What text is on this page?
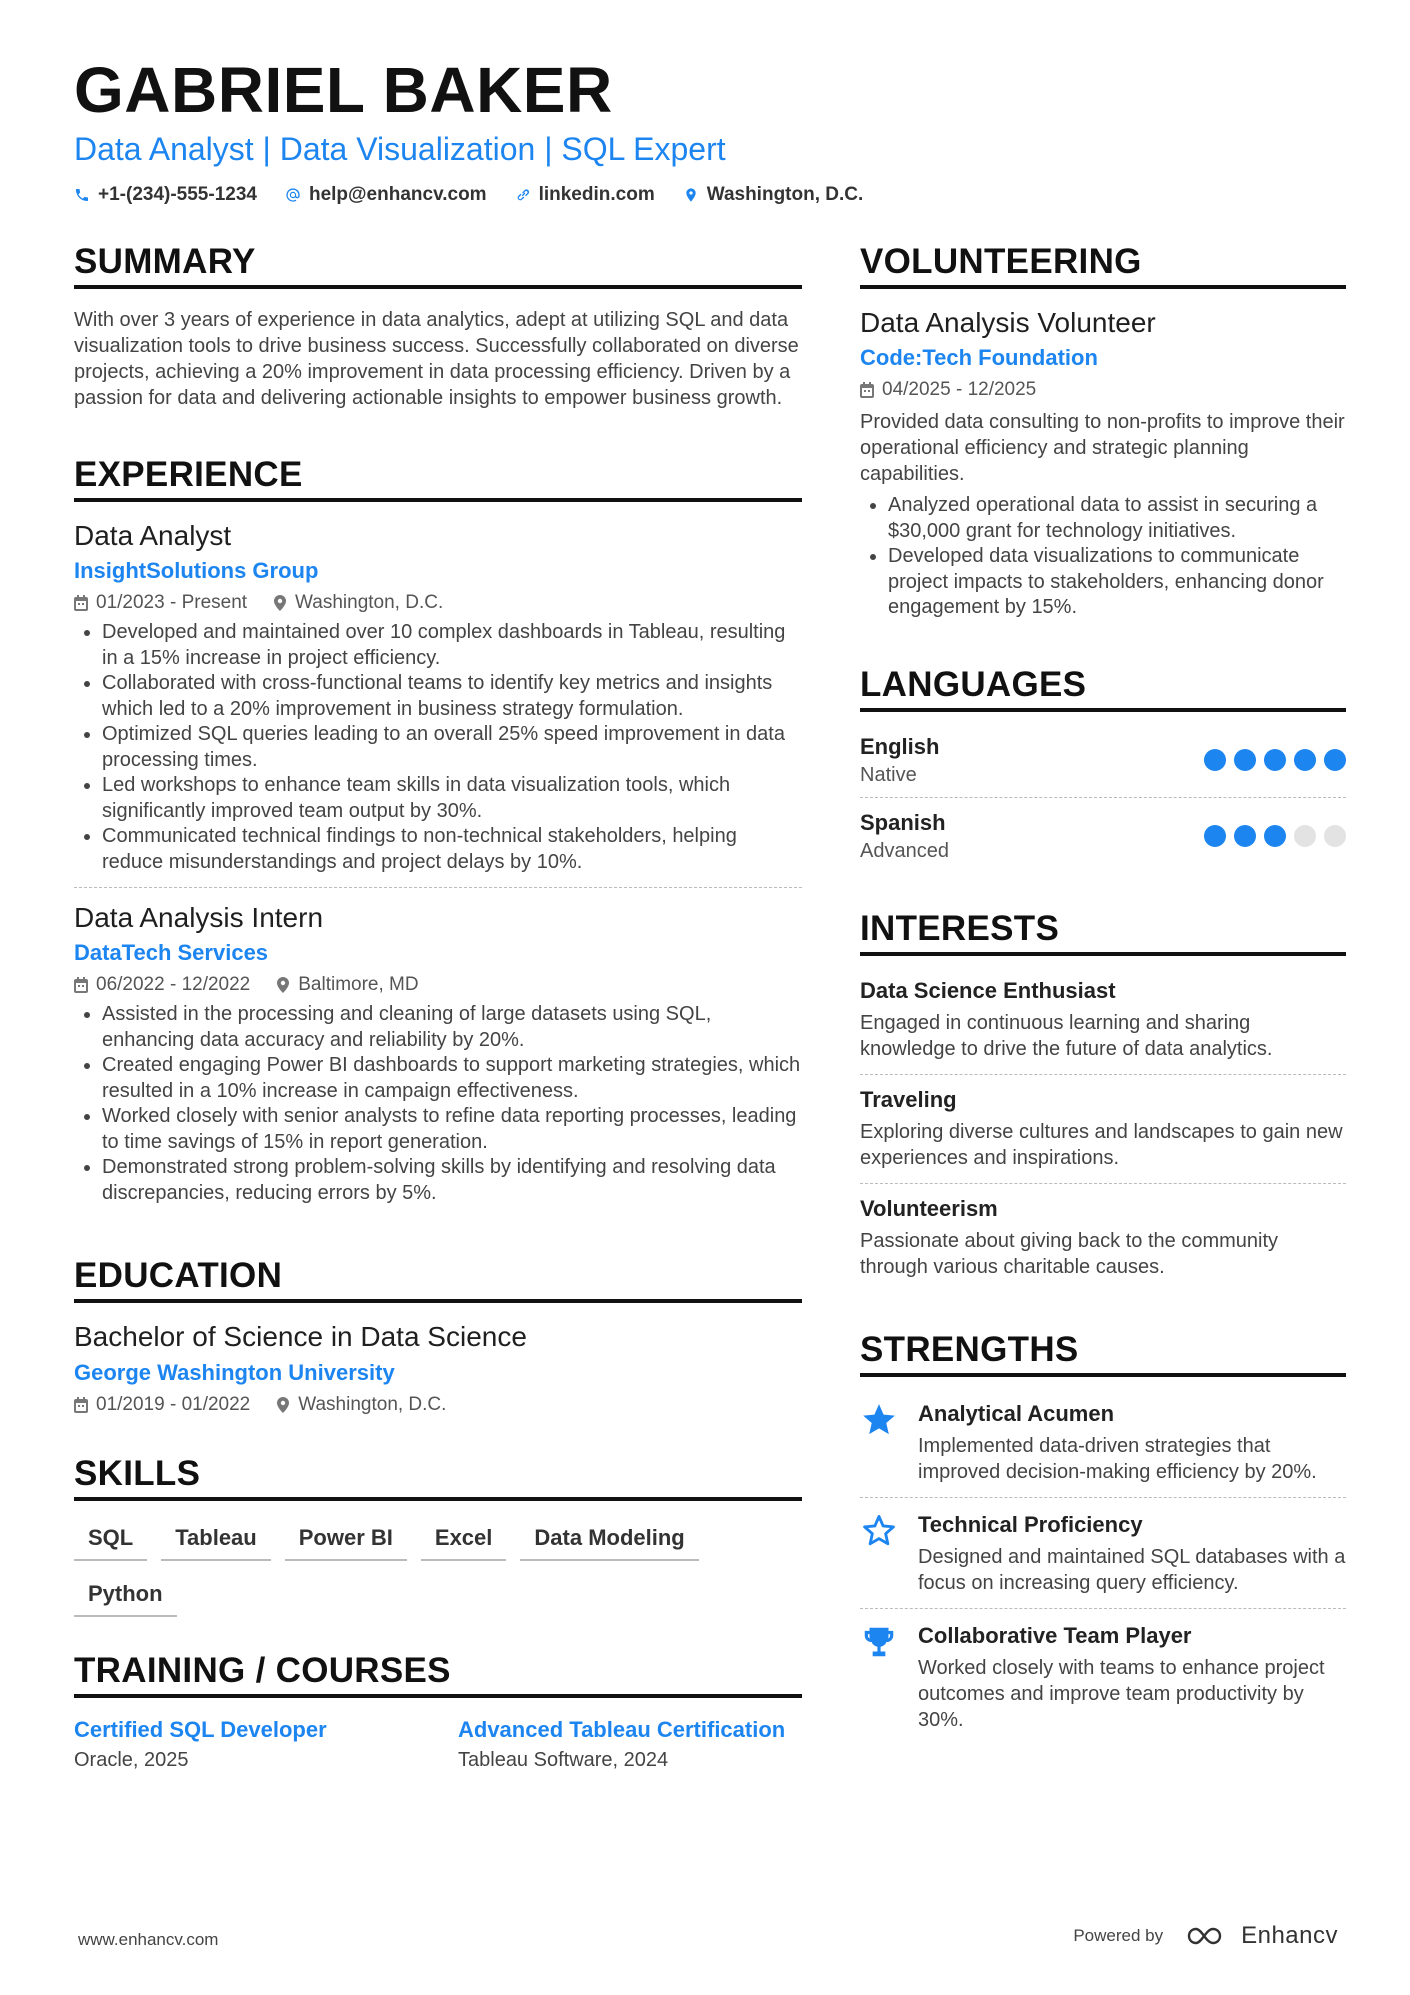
GABRIEL BAKER
Data Analyst | Data Visualization | SQL Expert
+1-(234)-555-1234	help@enhancv.com	linkedin.com	Washington, D.C.
SUMMARY

With over 3 years of experience in data analytics, adept at utilizing SQL and data visualization tools to drive business success. Successfully collaborated on diverse projects, achieving a 20% improvement in data processing efficiency. Driven by a passion for data and delivering actionable insights to empower business growth.

EXPERIENCE
Data Analyst
InsightSolutions Group
01/2023 - Present	Washington, D.C.
• Developed and maintained over 10 complex dashboards in Tableau, resulting in a 15% increase in project efficiency.
• Collaborated with cross-functional teams to identify key metrics and insights which led to a 20% improvement in business strategy formulation.
• Optimized SQL queries leading to an overall 25% speed improvement in data processing times.
• Led workshops to enhance team skills in data visualization tools, which significantly improved team output by 30%.
• Communicated technical findings to non-technical stakeholders, helping reduce misunderstandings and project delays by 10%.
Data Analysis Intern
DataTech Services
06/2022 - 12/2022	Baltimore, MD
• Assisted in the processing and cleaning of large datasets using SQL, enhancing data accuracy and reliability by 20%.
• Created engaging Power BI dashboards to support marketing strategies, which resulted in a 10% increase in campaign effectiveness.
• Worked closely with senior analysts to refine data reporting processes, leading to time savings of 15% in report generation.
• Demonstrated strong problem-solving skills by identifying and resolving data discrepancies, reducing errors by 5%.
EDUCATION
Bachelor of Science in Data Science
George Washington University
01/2019 - 01/2022	Washington, D.C.
SKILLS
SQL	Tableau	Power BI	Excel	Data Modeling
Python
TRAINING / COURSES
Certified SQL Developer
Oracle, 2025
Advanced Tableau Certification
Tableau Software, 2024
VOLUNTEERING
Data Analysis Volunteer
Code:Tech Foundation
04/2025 - 12/2025

Provided data consulting to non-profits to improve their operational efficiency and strategic planning capabilities.

• Analyzed operational data to assist in securing a $30,000 grant for technology initiatives.
• Developed data visualizations to communicate project impacts to stakeholders, enhancing donor engagement by 15%.
LANGUAGES
English
Native
Spanish
Advanced
INTERESTS
Data Science Enthusiast
Engaged in continuous learning and sharing knowledge to drive the future of data analytics.
Traveling
Exploring diverse cultures and landscapes to gain new experiences and inspirations.
Volunteerism
Passionate about giving back to the community through various charitable causes.
STRENGTHS
Analytical Acumen
Implemented data-driven strategies that improved decision-making efficiency by 20%.
Technical Proficiency
Designed and maintained SQL databases with a focus on increasing query efficiency.
Collaborative Team Player
Worked closely with teams to enhance project outcomes and improve team productivity by 30%.
www.enhancv.com	Powered by	Enhancv
